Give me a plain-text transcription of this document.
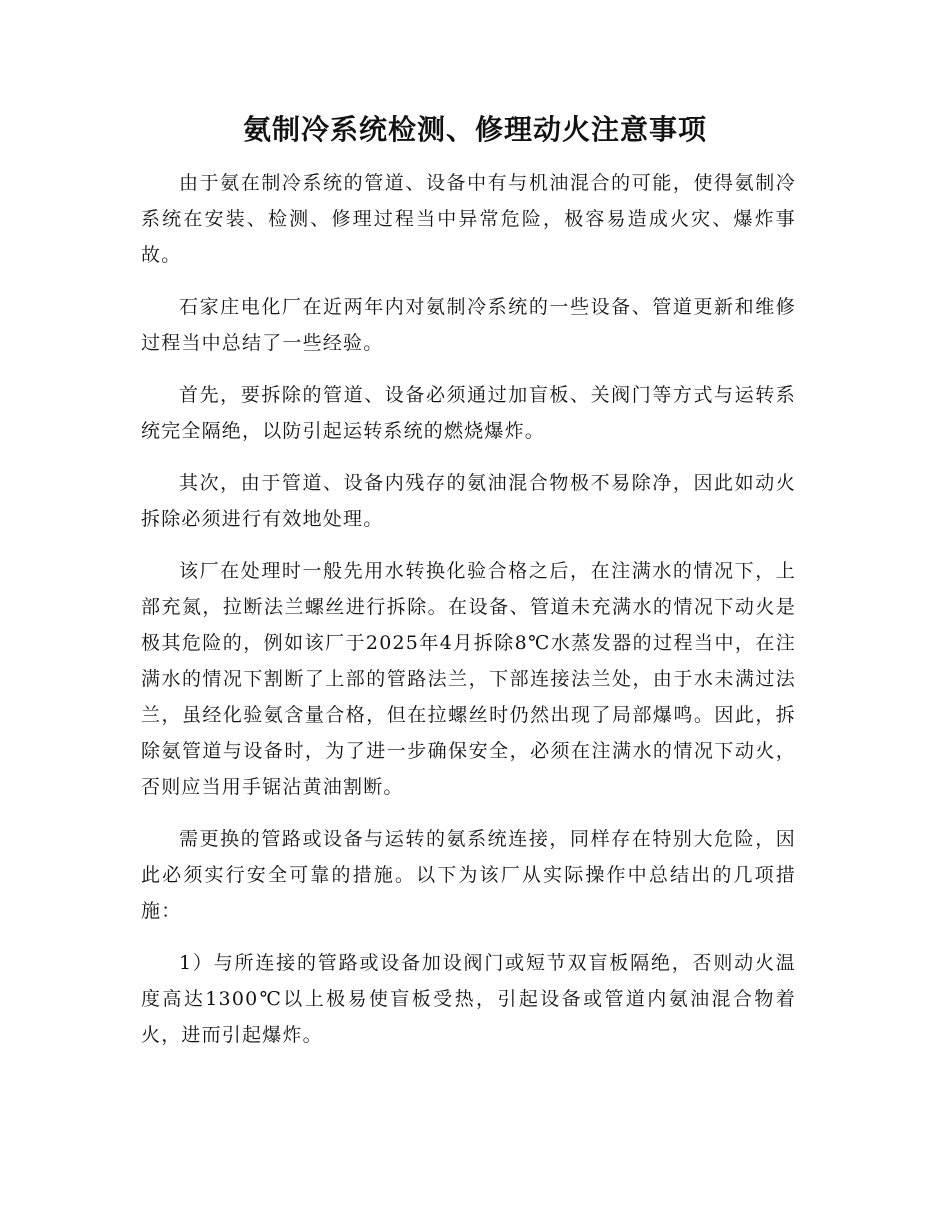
氨制冷系统检测、修理动火注意事项

由于氨在制冷系统的管道、设备中有与机油混合的可能，使得氨制冷系统在安装、检测、修理过程当中异常危险，极容易造成火灾、爆炸事故。

石家庄电化厂在近两年内对氨制冷系统的一些设备、管道更新和维修过程当中总结了一些经验。

首先，要拆除的管道、设备必须通过加盲板、关阀门等方式与运转系统完全隔绝，以防引起运转系统的燃烧爆炸。

其次，由于管道、设备内残存的氨油混合物极不易除净，因此如动火拆除必须进行有效地处理。

该厂在处理时一般先用水转换化验合格之后，在注满水的情况下，上部充氮，拉断法兰螺丝进行拆除。在设备、管道未充满水的情况下动火是极其危险的，例如该厂于2025年4月拆除8℃水蒸发器的过程当中，在注满水的情况下割断了上部的管路法兰，下部连接法兰处，由于水未满过法兰，虽经化验氨含量合格，但在拉螺丝时仍然出现了局部爆鸣。因此，拆除氨管道与设备时，为了进一步确保安全，必须在注满水的情况下动火，否则应当用手锯沾黄油割断。

需更换的管路或设备与运转的氨系统连接，同样存在特别大危险，因此必须实行安全可靠的措施。以下为该厂从实际操作中总结出的几项措施：

1）与所连接的管路或设备加设阀门或短节双盲板隔绝，否则动火温度高达1300℃以上极易使盲板受热，引起设备或管道内氨油混合物着火，进而引起爆炸。
